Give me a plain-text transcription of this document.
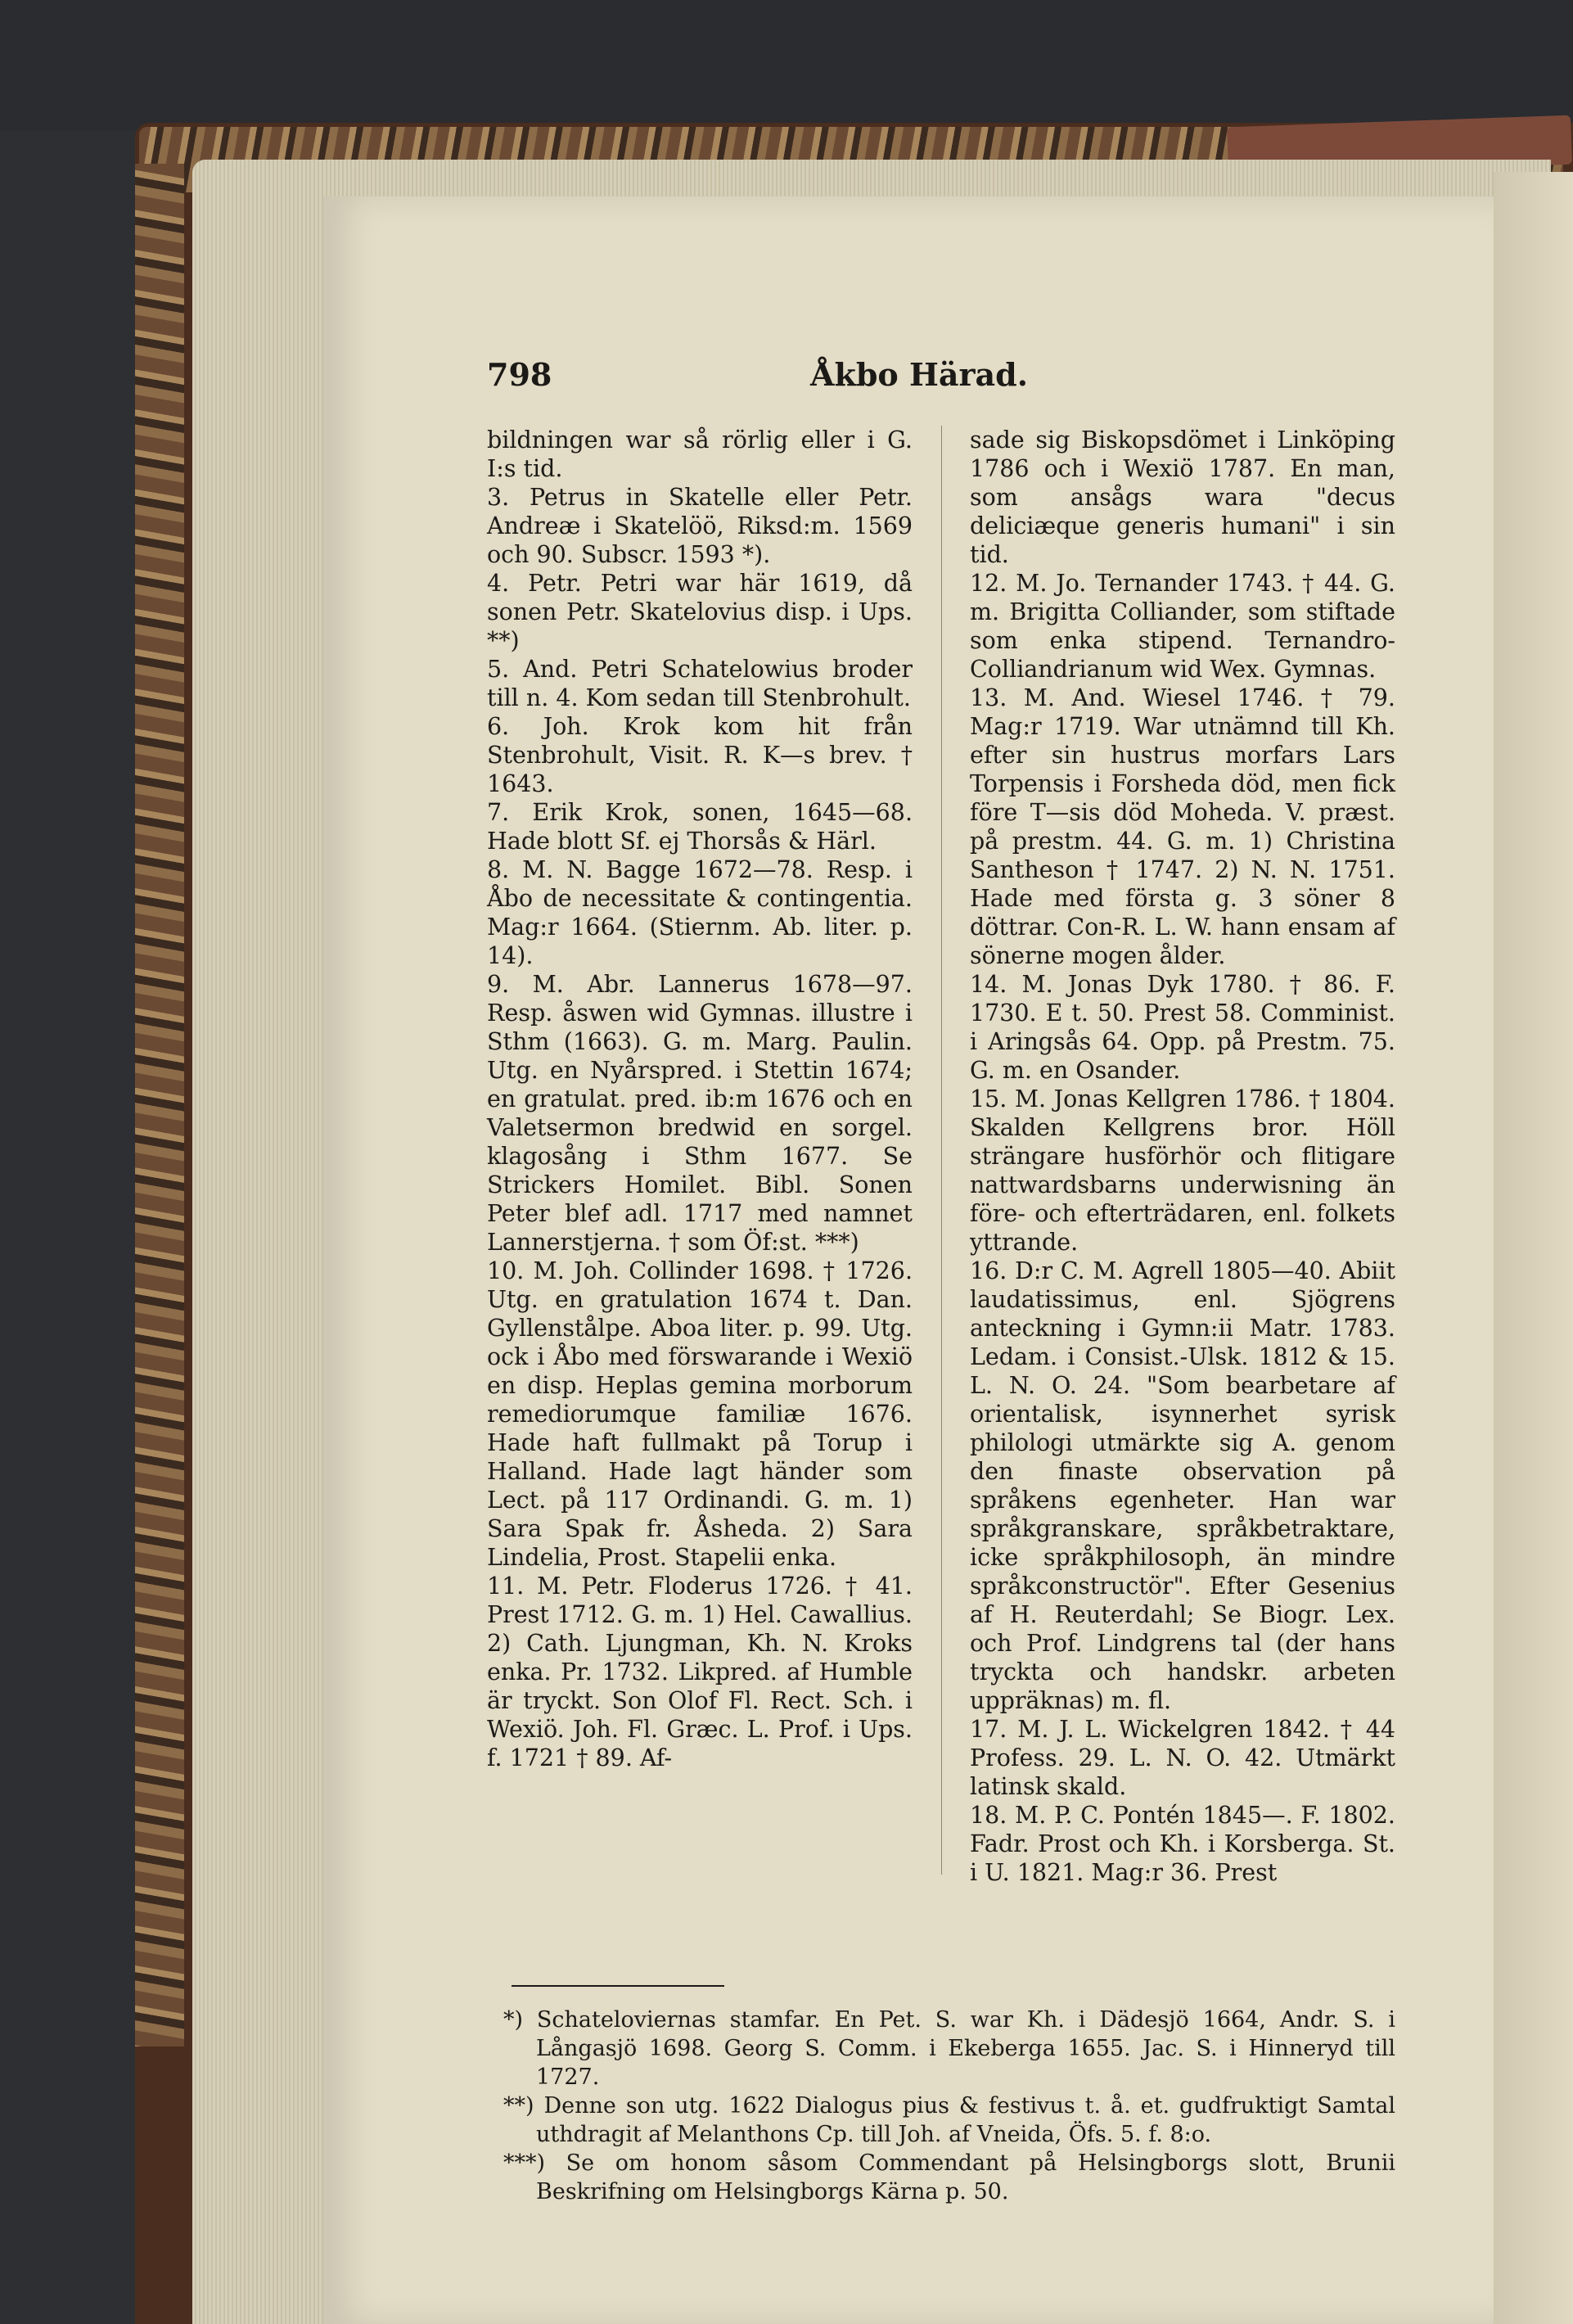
798	Åkbo Härad.

bildningen war så rörlig eller i G. I:s tid.

3. Petrus in Skatelle eller Petr. Andreæ i Skatelöö, Riksd:m. 1569 och 90. Subscr. 1593 *).

4. Petr. Petri war här 1619, då sonen Petr. Skatelovius disp. i Ups. **)

5. And. Petri Schatelowius broder till n. 4. Kom sedan till Stenbrohult.

6. Joh. Krok kom hit från Stenbrohult, Visit. R. K—s brev. † 1643.

7. Erik Krok, sonen, 1645—68. Hade blott Sf. ej Thorsås & Härl.

8. M. N. Bagge 1672—78. Resp. i Åbo de necessitate & contingentia. Mag:r 1664. (Stiernm. Ab. liter. p. 14).

9. M. Abr. Lannerus 1678—97. Resp. åswen wid Gymnas. illustre i Sthm (1663). G. m. Marg. Paulin. Utg. en Nyårspred. i Stettin 1674; en gratulat. pred. ib:m 1676 och en Valetsermon bredwid en sorgel. klagosång i Sthm 1677. Se Strickers Homilet. Bibl. Sonen Peter blef adl. 1717 med namnet Lannerstjerna. † som Öf:st. ***)

10. M. Joh. Collinder 1698. † 1726. Utg. en gratulation 1674 t. Dan. Gyllenstålpe. Aboa liter. p. 99. Utg. ock i Åbo med förswarande i Wexiö en disp. Heplas gemina morborum remediorumque familiæ 1676. Hade haft fullmakt på Torup i Halland. Hade lagt händer som Lect. på 117 Ordinandi. G. m. 1) Sara Spak fr. Åsheda. 2) Sara Lindelia, Prost. Stapelii enka.

11. M. Petr. Floderus 1726. † 41. Prest 1712. G. m. 1) Hel. Cawallius. 2) Cath. Ljungman, Kh. N. Kroks enka. Pr. 1732. Likpred. af Humble är tryckt. Son Olof Fl. Rect. Sch. i Wexiö. Joh. Fl. Græc. L. Prof. i Ups. f. 1721 † 89. Af-

sade sig Biskopsdömet i Linköping 1786 och i Wexiö 1787. En man, som ansågs wara "decus deliciæque generis humani" i sin tid.

12. M. Jo. Ternander 1743. † 44. G. m. Brigitta Colliander, som stiftade som enka stipend. Ternandro-Colliandrianum wid Wex. Gymnas.

13. M. And. Wiesel 1746. † 79. Mag:r 1719. War utnämnd till Kh. efter sin hustrus morfars Lars Torpensis i Forsheda död, men fick före T—sis död Moheda. V. præst. på prestm. 44. G. m. 1) Christina Santheson † 1747. 2) N. N. 1751. Hade med första g. 3 söner 8 döttrar. Con-R. L. W. hann ensam af sönerne mogen ålder.

14. M. Jonas Dyk 1780. † 86. F. 1730. E t. 50. Prest 58. Comminist. i Aringsås 64. Opp. på Prestm. 75. G. m. en Osander.

15. M. Jonas Kellgren 1786. † 1804. Skalden Kellgrens bror. Höll strängare husförhör och flitigare nattwardsbarns underwisning än före- och efterträdaren, enl. folkets yttrande.

16. D:r C. M. Agrell 1805—40. Abiit laudatissimus, enl. Sjögrens anteckning i Gymn:ii Matr. 1783. Ledam. i Consist.-Ulsk. 1812 & 15. L. N. O. 24. "Som bearbetare af orientalisk, isynnerhet syrisk philologi utmärkte sig A. genom den finaste observation på språkens egenheter. Han war språkgranskare, språkbetraktare, icke språkphilosoph, än mindre språkconstructör". Efter Gesenius af H. Reuterdahl; Se Biogr. Lex. och Prof. Lindgrens tal (der hans tryckta och handskr. arbeten uppräknas) m. fl.

17. M. J. L. Wickelgren 1842. † 44 Profess. 29. L. N. O. 42. Utmärkt latinsk skald.

18. M. P. C. Pontén 1845—. F. 1802. Fadr. Prost och Kh. i Korsberga. St. i U. 1821. Mag:r 36. Prest

*) Schateloviernas stamfar. En Pet. S. war Kh. i Dädesjö 1664, Andr. S. i Långasjö 1698. Georg S. Comm. i Ekeberga 1655. Jac. S. i Hinneryd till 1727.

**) Denne son utg. 1622 Dialogus pius & festivus t. å. et. gudfruktigt Samtal uthdragit af Melanthons Cp. till Joh. af Vneida, Öfs. 5. f. 8:o.

***) Se om honom såsom Commendant på Helsingborgs slott, Brunii Beskrifning om Helsingborgs Kärna p. 50.
